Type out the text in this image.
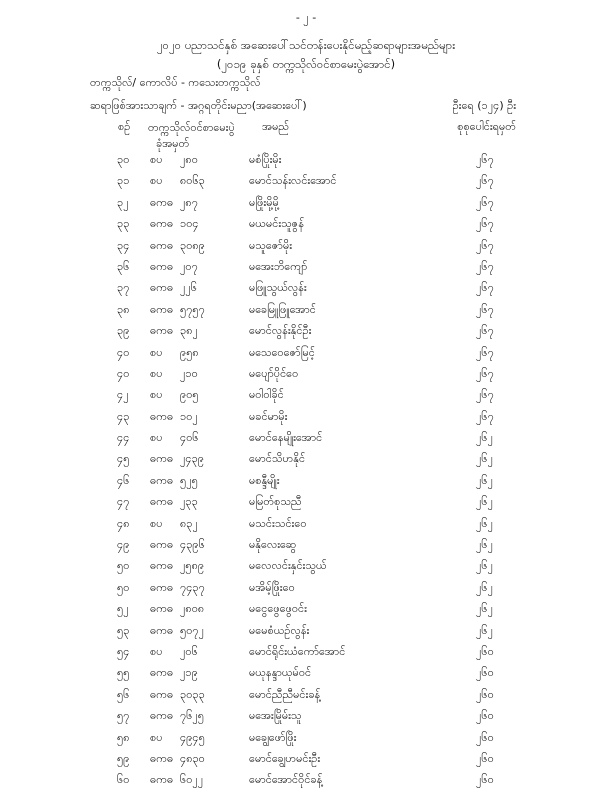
- ၂ -
၂၀၂၀ ပညာသင်နှစ် အဆေးပေါ်သင်တန်းပေးနိုင်မည့်ဆရာများအမည်များ
(၂၀၁၉ ခုနှစ် တက္ကသိုလ်ဝင်စာမေးပွဲအောင်)
တက္ကသိုလ်/ ကောလိပ် - ကသေးတက္ကသိုလ်
ဆရာဖြစ်အားသာချက် - အဂ္ဂရတိုင်းမညာ(အဆေးပေါ်)	ဦးရေ (၁၂၄) ဦး
စဉ် တက္ကသိုလ်ဝင်စာမေးပွဲ
ခုံအမှတ်
အမည်	စုစုပေါင်းရမှတ်
၃၀ စပ ၂၈၀	မစံပြိုးမိုး	၂၆၇
၃၁ စပ ၈၀၆၃	မောင်သန်းလင်းအောင်	၂၆၇
၃၂ ဓကဓ ၂၈၇	မဖြိုးမို့မို့	၂၆၇
၃၃ ဓကဓ ၁၀၄	မယမင်းသူဇွန်	၂၆၇
၃၄ ဓကဓ ၃၀၈၉	မသူဇော်မိုး	၂၆၇
၃၆ ဓကဓ ၂၀၇	မအေးဘိကျော်	၂၆၇
၃၇ ဓကဓ ၂၂၆	မဖြူသွယ်လွန်း	၂၆၇
၃၈ ဓကဓ ၅၇၅၇	မခေမြူဖြူအောင်	၂၆၇
၃၉ ဓကဓ ၃၈၂	မောင်လွန်းနိုင်ဦး	၂၆၇
၄၀ စပ ၉၅၈	မသေဝေဇော်မြင့်	၂၆၇
၄၀ စပ ၂၁၀	မပျော်ပိုင်ဝေ	၂၆၇
၄၂ စပ ၉၀၅	မဝါဝါခိုင်	၂၆၇
၄၃ ဓကဓ ၁၀၂	မခင်မာမိုး	၂၆၇
၄၄ စပ ၄၀၆	မောင်နေမျိုးအောင်	၂၆၂
၄၅ ဓကဓ ၂၄၃၉	မောင်သိဟနိုင်	၂၆၂
၄၆ ဓကဓ ၅၂၅	မစန္ဒီမျိုး	၂၆၂
၄၇ ဓကဓ ၂၃၃	မမြတ်စုသညီ	၂၆၂
၄၈ စပ ၈၃၂	မသင်းသင်းဝေ	၂၆၂
၄၉ ဓကဓ ၄၃၉၆	မနိုလေးဆွေ	၂၆၂
၅၀ ဓကဓ ၂၅၈၉	မလေလင်းနှင်းသွယ်	၂၆၂
၅၀ ဓကဓ ၇၄၃၇	မအိမ့်ဖြိုးဝေ	၂၆၂
၅၂ ဓကဓ ၂၈၀၈	မငွေဖွေဖွေဝင်း	၂၆၂
၅၃ ဓကဓ ၅၀၇၂	မမေစံယဉ်လွန်း	၂၆၂
၅၄ စပ ၂၀၆	မောင်ရိုင်းယံကော်အောင်	၂၆၀
၅၅ ဓကဓ ၂၁၉	မယုနန္ဒာယုမ်ဝင်	၂၆၀
၅၆ ဓကဓ ၃၀၃၃	မောင်ညီညီမင်းခန့်	၂၆၀
၅၇ ဓကဓ ၇၆၂၅	မအေးမြိုမ်းသူ	၂၆၀
၅၈ စပ ၄၉၄၅	မချွေဖော်ဖြိုး	၂၆၀
၅၉ ဓကဓ ၄၈၃၀	မောင်ချွေဟမင်းဦး	၂၆၀
၆၀ ဓကဓ ၆၀၂၂	မောင်အောင်ဝိုင်ခန့်	၂၆၀
